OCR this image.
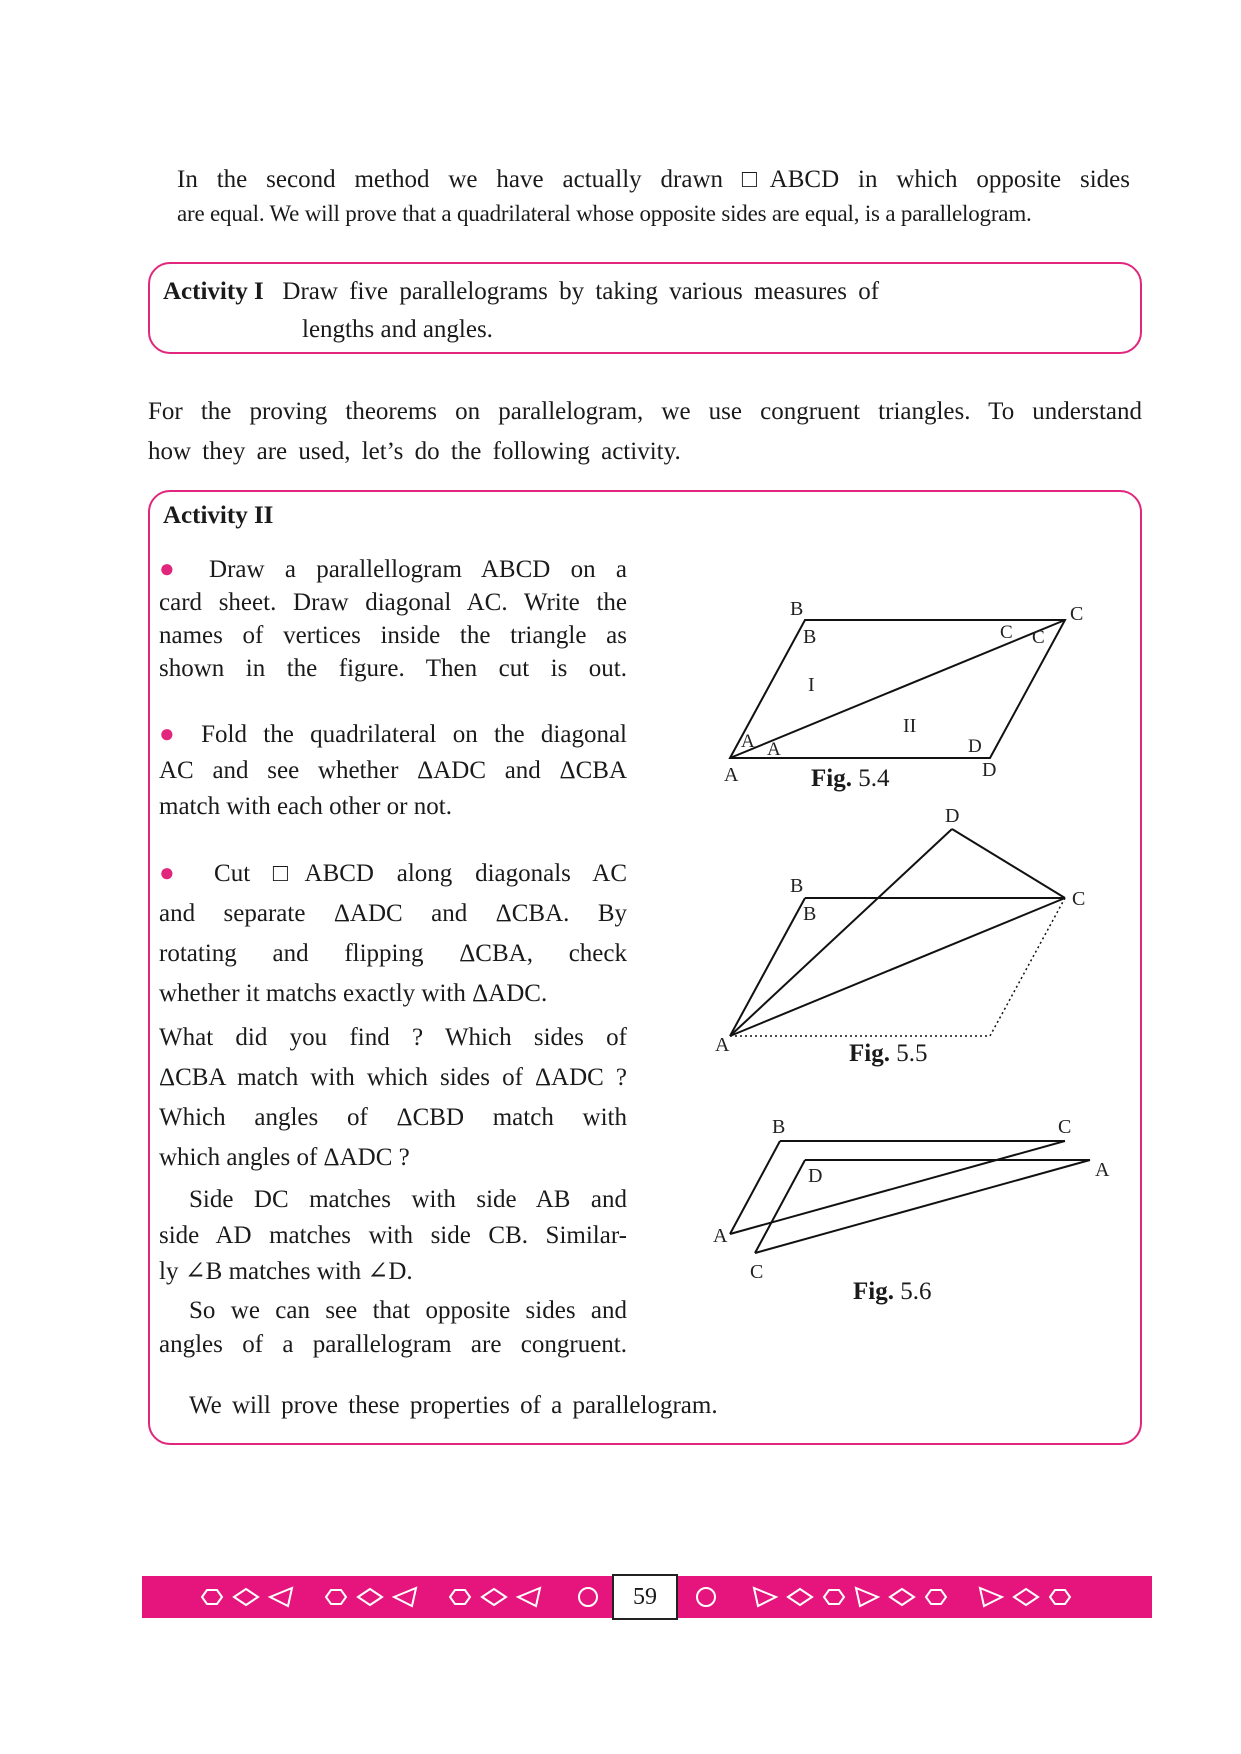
In the second method we have actually drawn □ABCD in which opposite sides
are equal. We will prove that a quadrilateral whose opposite sides are equal, is a parallelogram.
Activity I Draw five parallelograms by taking various measures of
lengths and angles.
For the proving theorems on parallelogram, we use congruent triangles. To understand
how they are used, let’s do the following activity.
Activity II
● Draw a parallellogram ABCD on a
card sheet. Draw diagonal AC. Write the
names of vertices inside the triangle as
shown in the figure. Then cut is out.
● Fold the quadrilateral on the diagonal
AC and see whether ΔADC and ΔCBA
match with each other or not.
● Cut □ABCD along diagonals AC
and separate ΔADC and ΔCBA. By
rotating and flipping ΔCBA, check
whether it matchs exactly with ΔADC.
What did you find ? Which sides of
ΔCBA match with which sides of ΔADC ?
Which angles of ΔCBD match with
which angles of ΔADC ?
Side DC matches with side AB and
side AD matches with side CB. Similar-
ly ∠B matches with ∠D.
So we can see that opposite sides and
angles of a parallelogram are congruent.
We will prove these properties of a parallelogram.
B
B
C
C C
I
II
A A	D
A	D
Fig. 5.4
D
B
B
C
A	Fig. 5.5
B	C
D	A
A
C
Fig. 5.6
59
